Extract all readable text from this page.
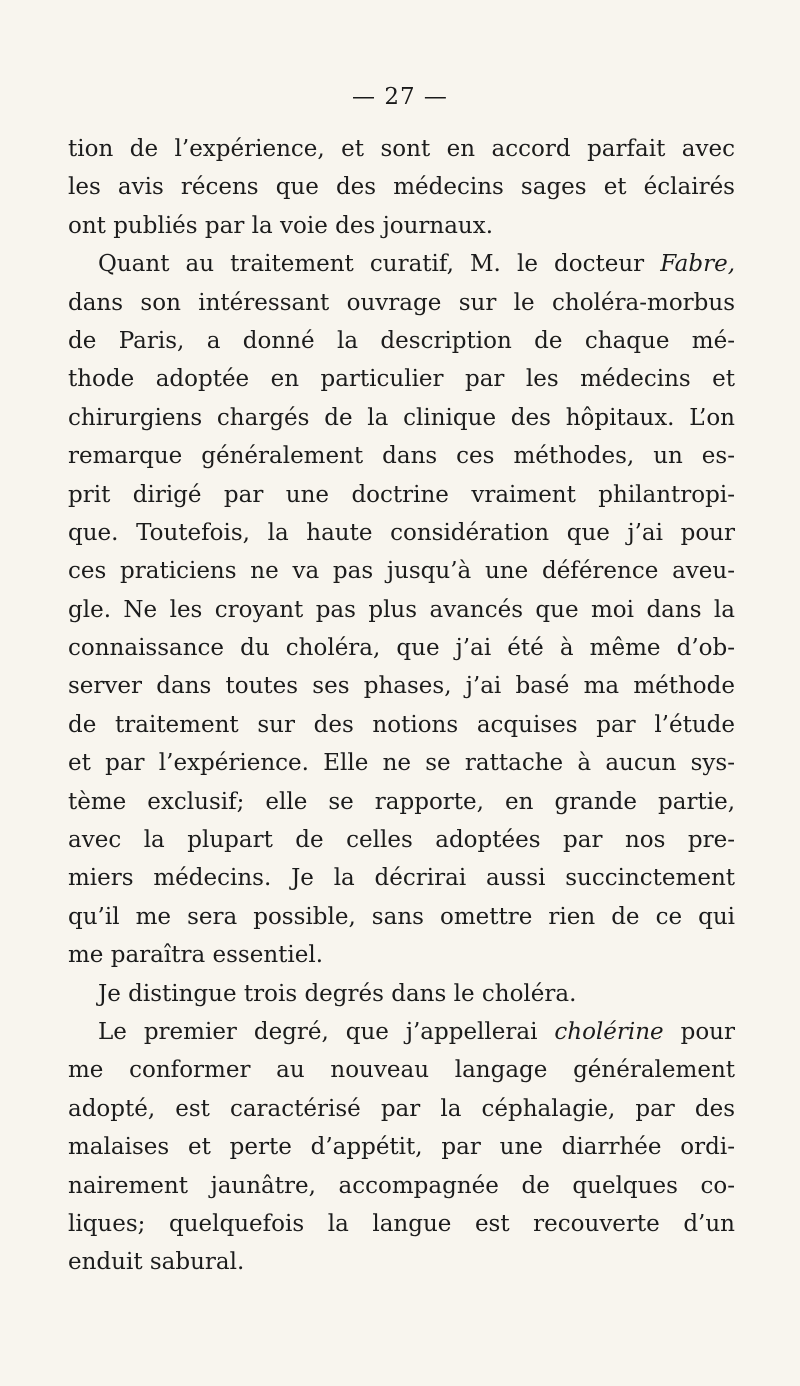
— 27 —
tion de l’expérience, et sont en accord parfait avec
les avis récens que des médecins sages et éclairés
ont publiés par la voie des journaux.
Quant au traitement curatif, M. le docteur Fabre,
dans son intéressant ouvrage sur le choléra-morbus
de Paris, a donné la description de chaque mé-
thode adoptée en particulier par les médecins et
chirurgiens chargés de la clinique des hôpitaux. L’on
remarque généralement dans ces méthodes, un es-
prit dirigé par une doctrine vraiment philantropi-
que. Toutefois, la haute considération que j’ai pour
ces praticiens ne va pas jusqu’à une déférence aveu-
gle. Ne les croyant pas plus avancés que moi dans la
connaissance du choléra, que j’ai été à même d’ob-
server dans toutes ses phases, j’ai basé ma méthode
de traitement sur des notions acquises par l’étude
et par l’expérience. Elle ne se rattache à aucun sys-
tème exclusif; elle se rapporte, en grande partie,
avec la plupart de celles adoptées par nos pre-
miers médecins. Je la décrirai aussi succinctement
qu’il me sera possible, sans omettre rien de ce qui
me paraîtra essentiel.
Je distingue trois degrés dans le choléra.
Le premier degré, que j’appellerai cholérine pour
me conformer au nouveau langage généralement
adopté, est caractérisé par la céphalagie, par des
malaises et perte d’appétit, par une diarrhée ordi-
nairement jaunâtre, accompagnée de quelques co-
liques; quelquefois la langue est recouverte d’un
enduit sabural.
